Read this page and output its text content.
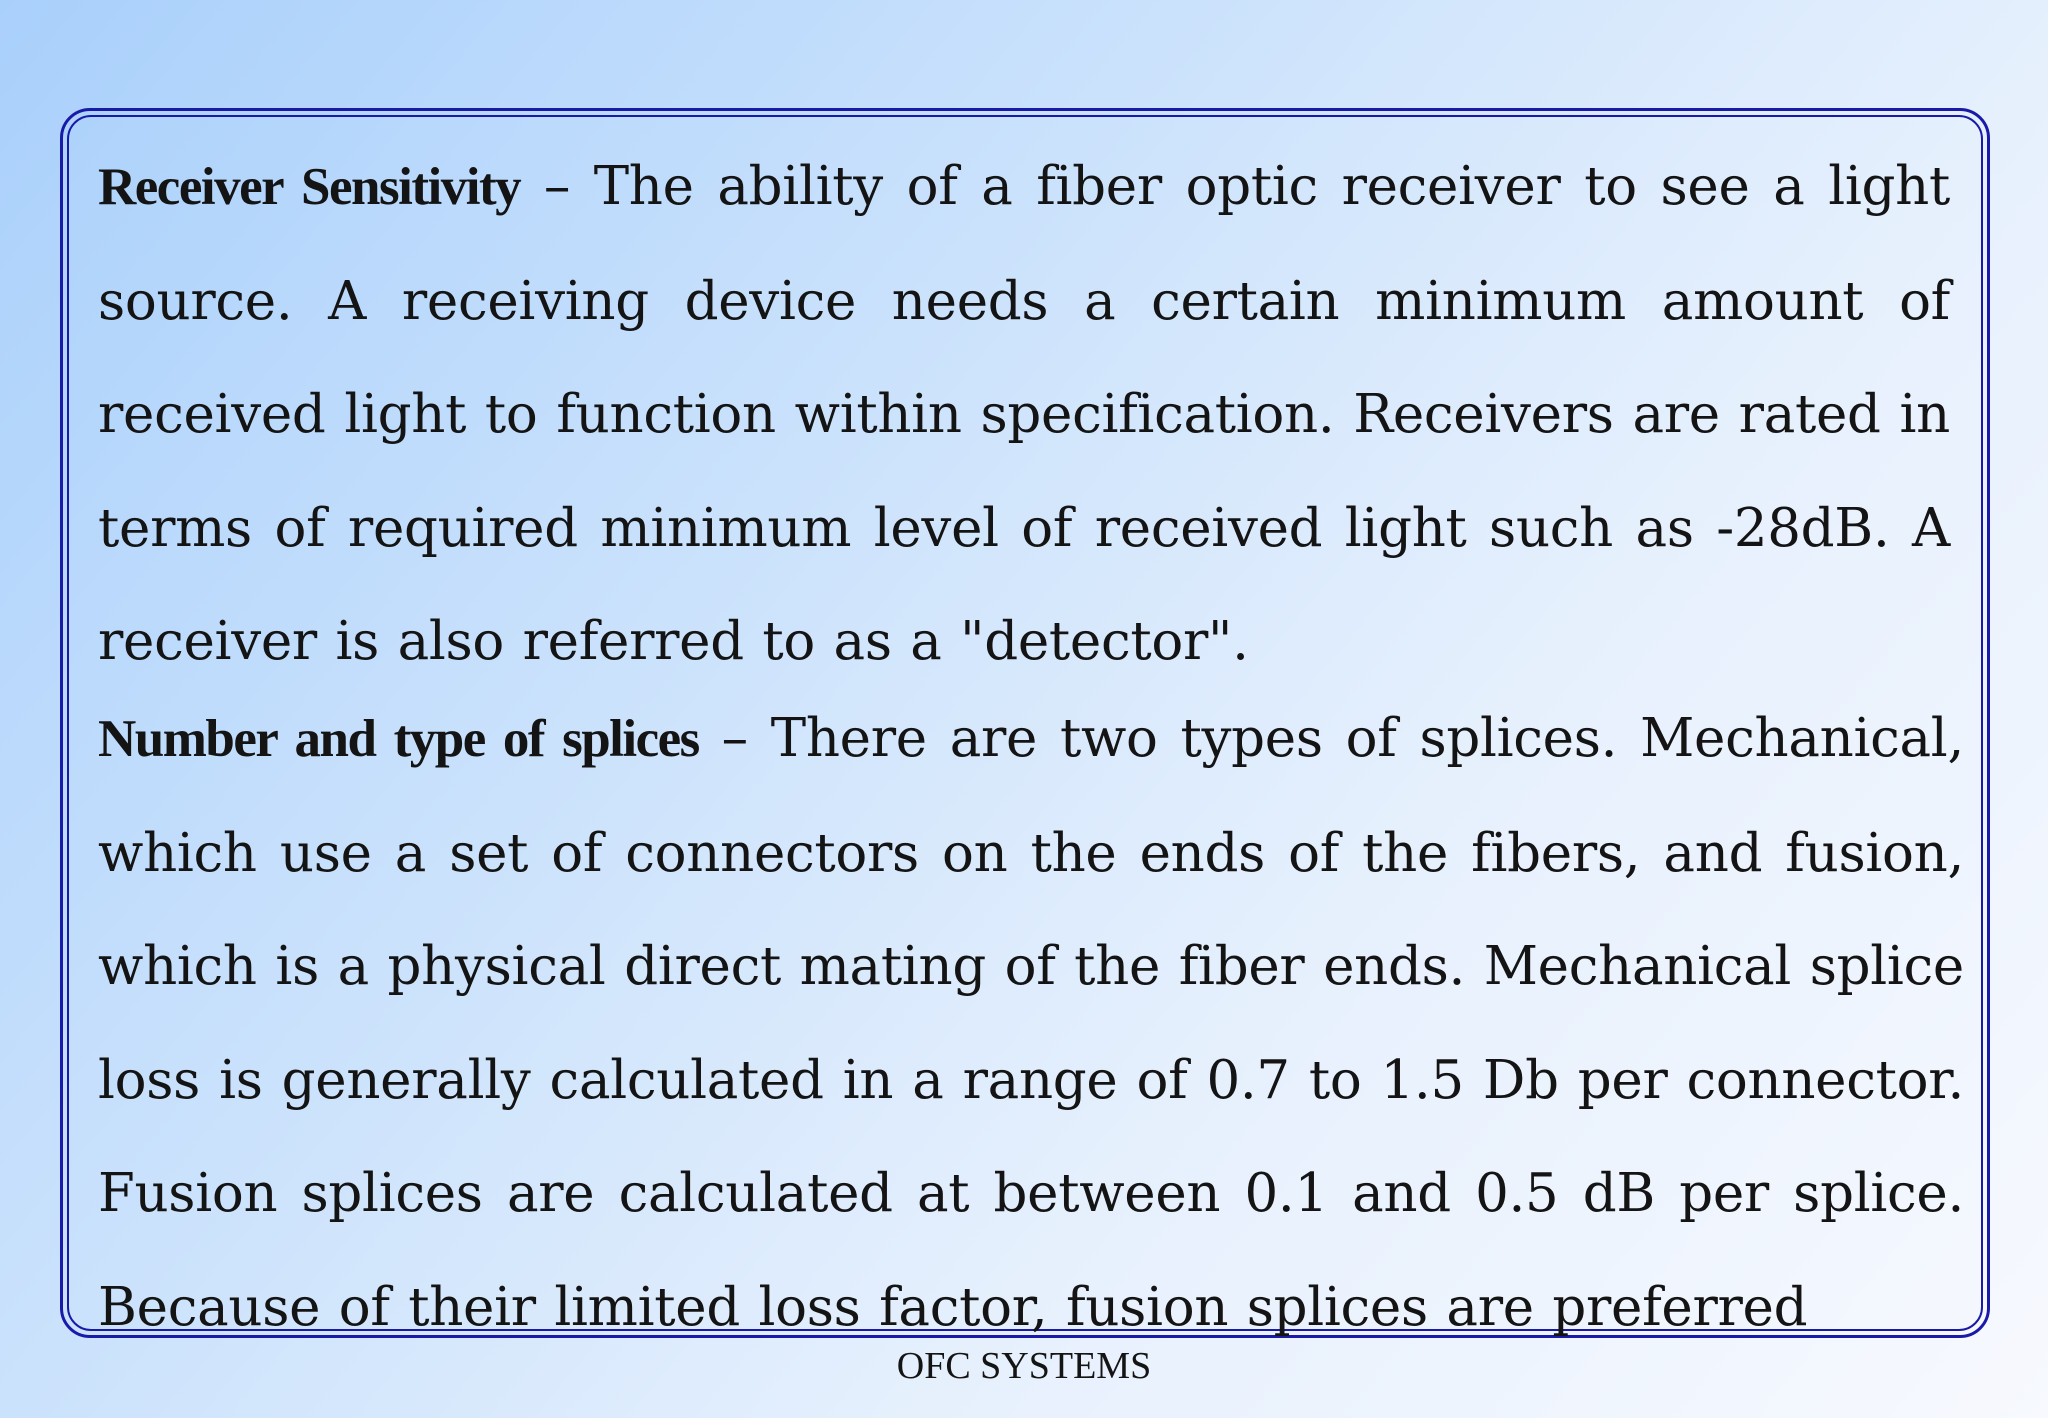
Receiver Sensitivity – The ability of a fiber optic receiver to see a light source. A receiving device needs a certain minimum amount of received light to function within specification. Receivers are rated in terms of required minimum level of received light such as -28dB. A receiver is also referred to as a "detector".
Number and type of splices – There are two types of splices. Mechanical, which use a set of connectors on the ends of the fibers, and fusion, which is a physical direct mating of the fiber ends. Mechanical splice loss is generally calculated in a range of 0.7 to 1.5 Db per connector. Fusion splices are calculated at between 0.1 and 0.5 dB per splice. Because of their limited loss factor, fusion splices are preferred
OFC SYSTEMS
